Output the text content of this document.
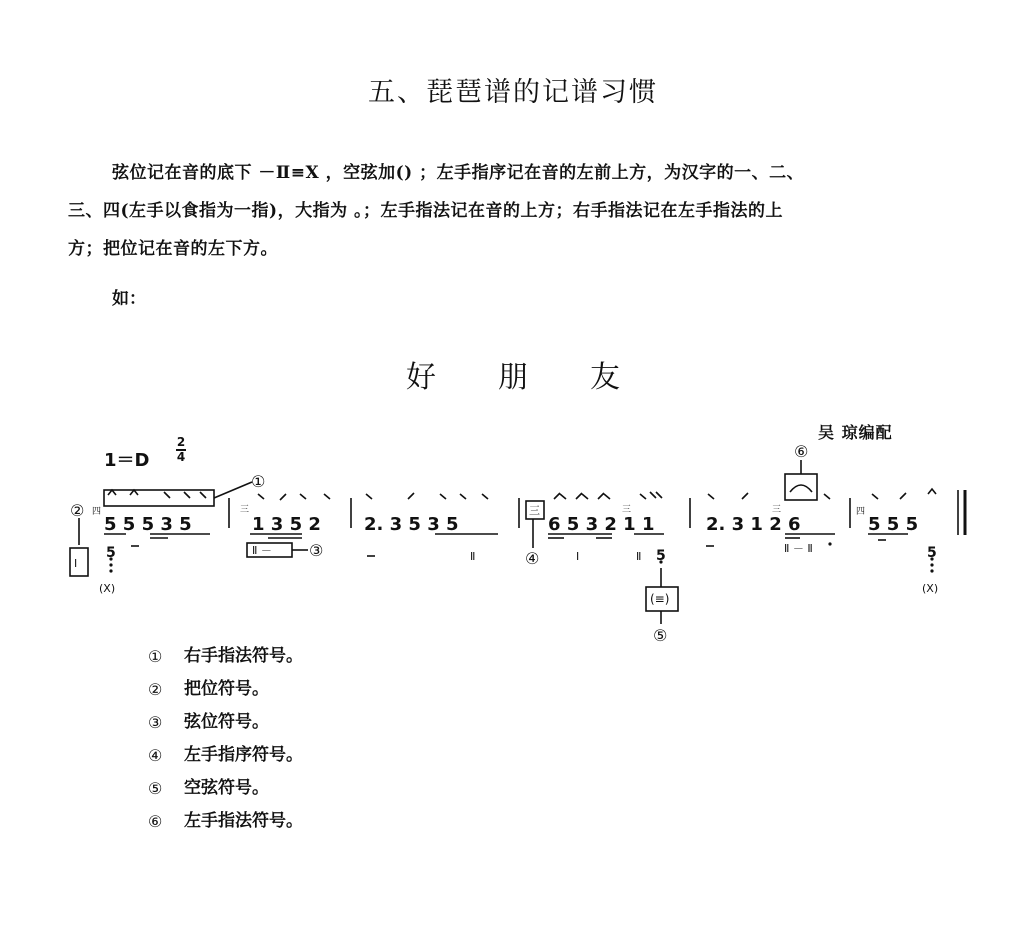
五、琵琶谱的记谱习惯
弦位记在音的底下 －Ⅱ≡Ⅹ ，空弦加() ；左手指序记在音的左前上方，为汉字的一、二、
三、四(左手以食指为一指)，大指为 。；左手指法记在音的上方；右手指法记在左手指法的上
方；把位记在音的左下方。
如：
好朋友
吴 琼编配
1＝D
2
4
5 5 5 3 5	1 3 5 2 2. 3 5 3 5	6 5 3 2 1 1	2. 3 1 2 6	5 5 5
5	5
5
(X)	(X)
(≡)
Ⅱ －
Ⅰ
三
Ⅱ	Ⅰ	Ⅱ
Ⅱ － Ⅱ
四	四
三	三	三
①
②
③	④
⑤
⑥
①	右手指法符号。
②	把位符号。
③	弦位符号。
④	左手指序符号。
⑤	空弦符号。
⑥	左手指法符号。
